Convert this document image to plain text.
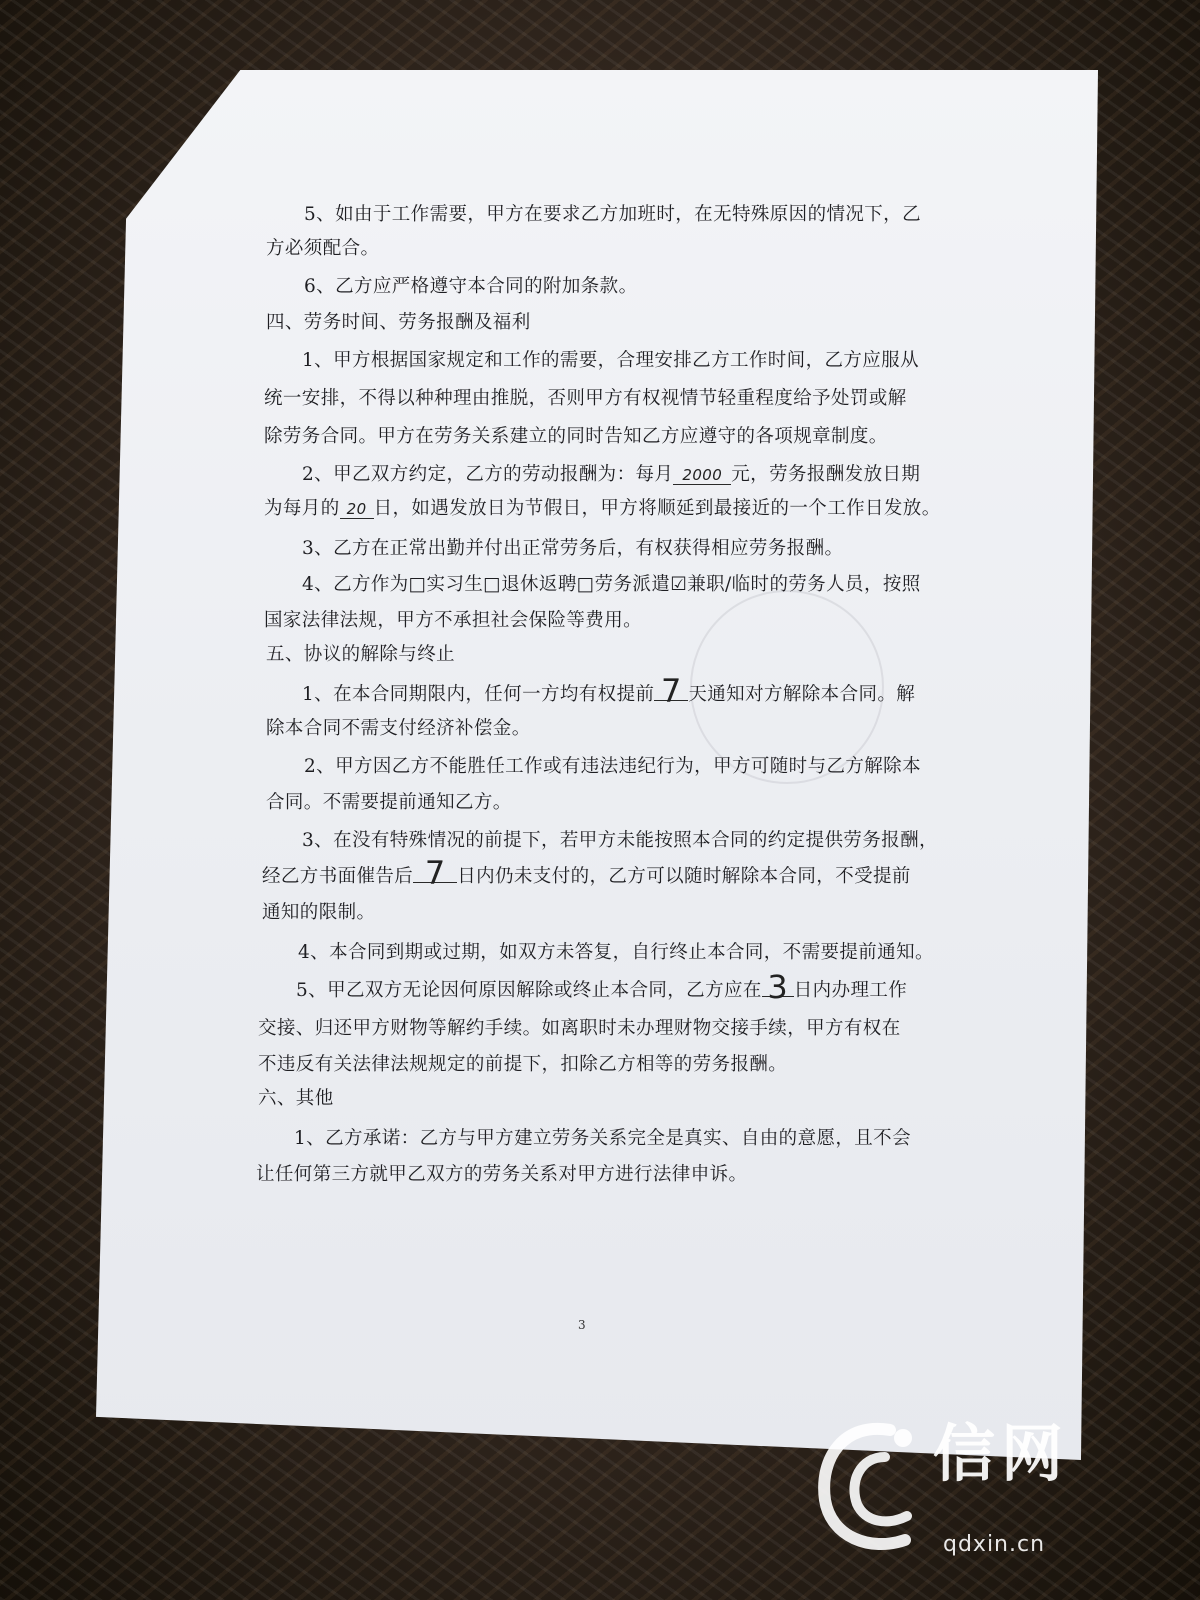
5、如由于工作需要，甲方在要求乙方加班时，在无特殊原因的情况下，乙
方必须配合。
6、乙方应严格遵守本合同的附加条款。
四、劳务时间、劳务报酬及福利
1、甲方根据国家规定和工作的需要，合理安排乙方工作时间，乙方应服从
统一安排，不得以种种理由推脱，否则甲方有权视情节轻重程度给予处罚或解
除劳务合同。甲方在劳务关系建立的同时告知乙方应遵守的各项规章制度。
2、甲乙双方约定，乙方的劳动报酬为：每月 2000 元，劳务报酬发放日期
为每月的 20 日，如遇发放日为节假日，甲方将顺延到最接近的一个工作日发放。
3、乙方在正常出勤并付出正常劳务后，有权获得相应劳务报酬。
4、乙方作为□实习生□退休返聘□劳务派遣☑兼职/临时的劳务人员，按照
国家法律法规，甲方不承担社会保险等费用。
五、协议的解除与终止
1、在本合同期限内，任何一方均有权提前 7 天通知对方解除本合同。解
除本合同不需支付经济补偿金。
2、甲方因乙方不能胜任工作或有违法违纪行为，甲方可随时与乙方解除本
合同。不需要提前通知乙方。
3、在没有特殊情况的前提下，若甲方未能按照本合同的约定提供劳务报酬，
经乙方书面催告后 7 日内仍未支付的，乙方可以随时解除本合同，不受提前
通知的限制。
4、本合同到期或过期，如双方未答复，自行终止本合同，不需要提前通知。
5、甲乙双方无论因何原因解除或终止本合同，乙方应在 3 日内办理工作
交接、归还甲方财物等解约手续。如离职时未办理财物交接手续，甲方有权在
不违反有关法律法规规定的前提下，扣除乙方相等的劳务报酬。
六、其他
1、乙方承诺：乙方与甲方建立劳务关系完全是真实、自由的意愿，且不会
让任何第三方就甲乙双方的劳务关系对甲方进行法律申诉。
3
信网
qdxin.cn
